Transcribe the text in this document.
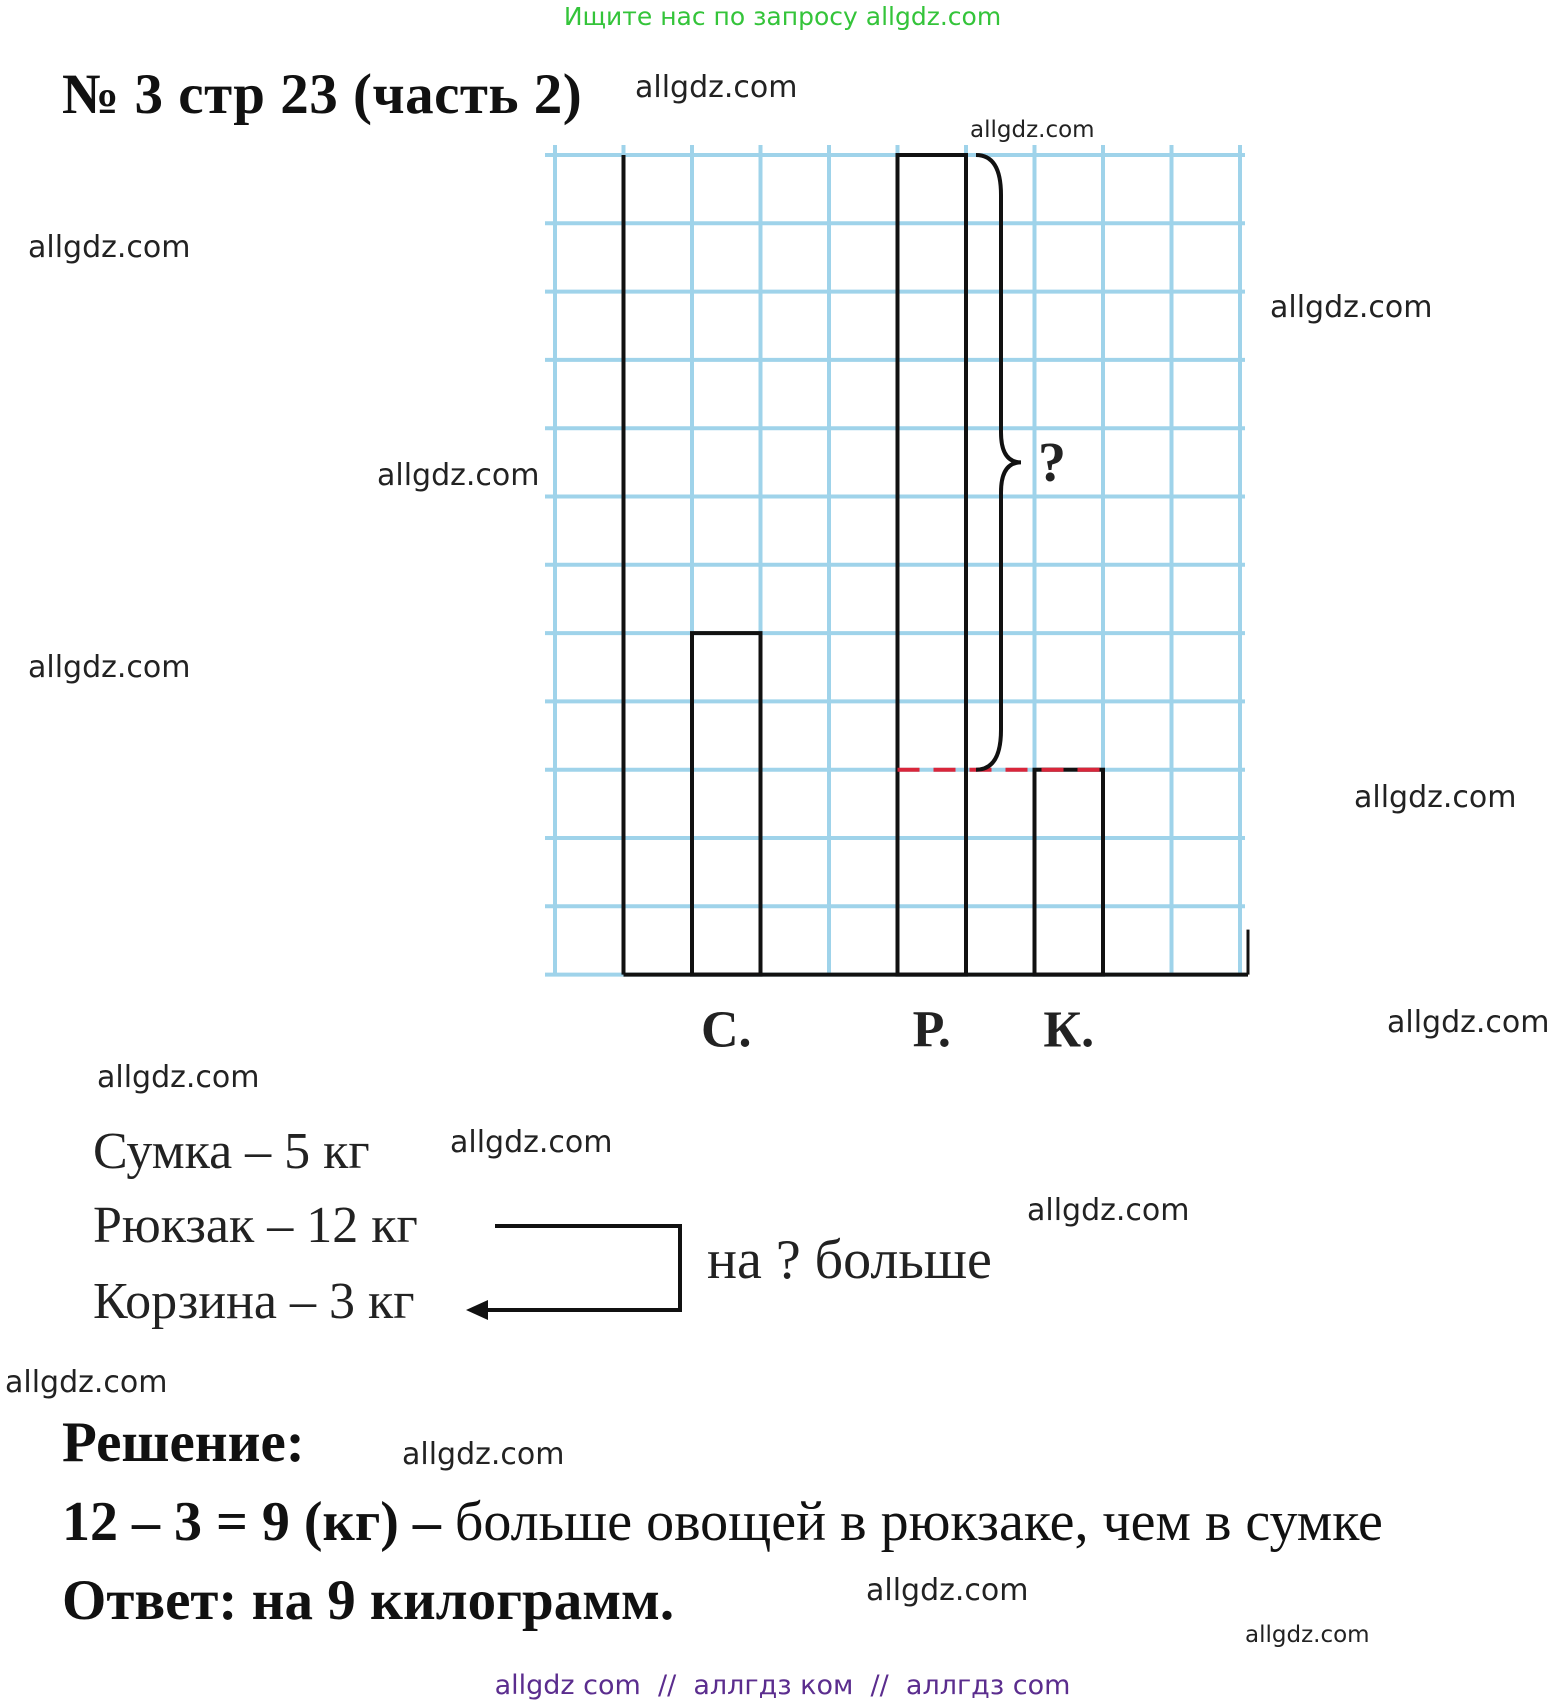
Ищите нас по запросу allgdz.com
№ 3 стр 23 (часть 2) allgdz.com
allgdz.com
allgdz.com
allgdz.com
allgdz.com
allgdz.com
allgdz.com
allgdz.com
allgdz.com
allgdz.com
allgdz.com
allgdz.com
allgdz.com
allgdz.com
allgdz.com
?
С.	Р. К.
Сумка – 5 кг
Рюкзак – 12 кг
Корзина – 3 кг
на ? больше
Решение:
12 – 3 = 9 (кг) – больше овощей в рюкзаке, чем в сумке
Ответ: на 9 килограмм.
allgdz com  //  аллгдз ком  //  аллгдз com
